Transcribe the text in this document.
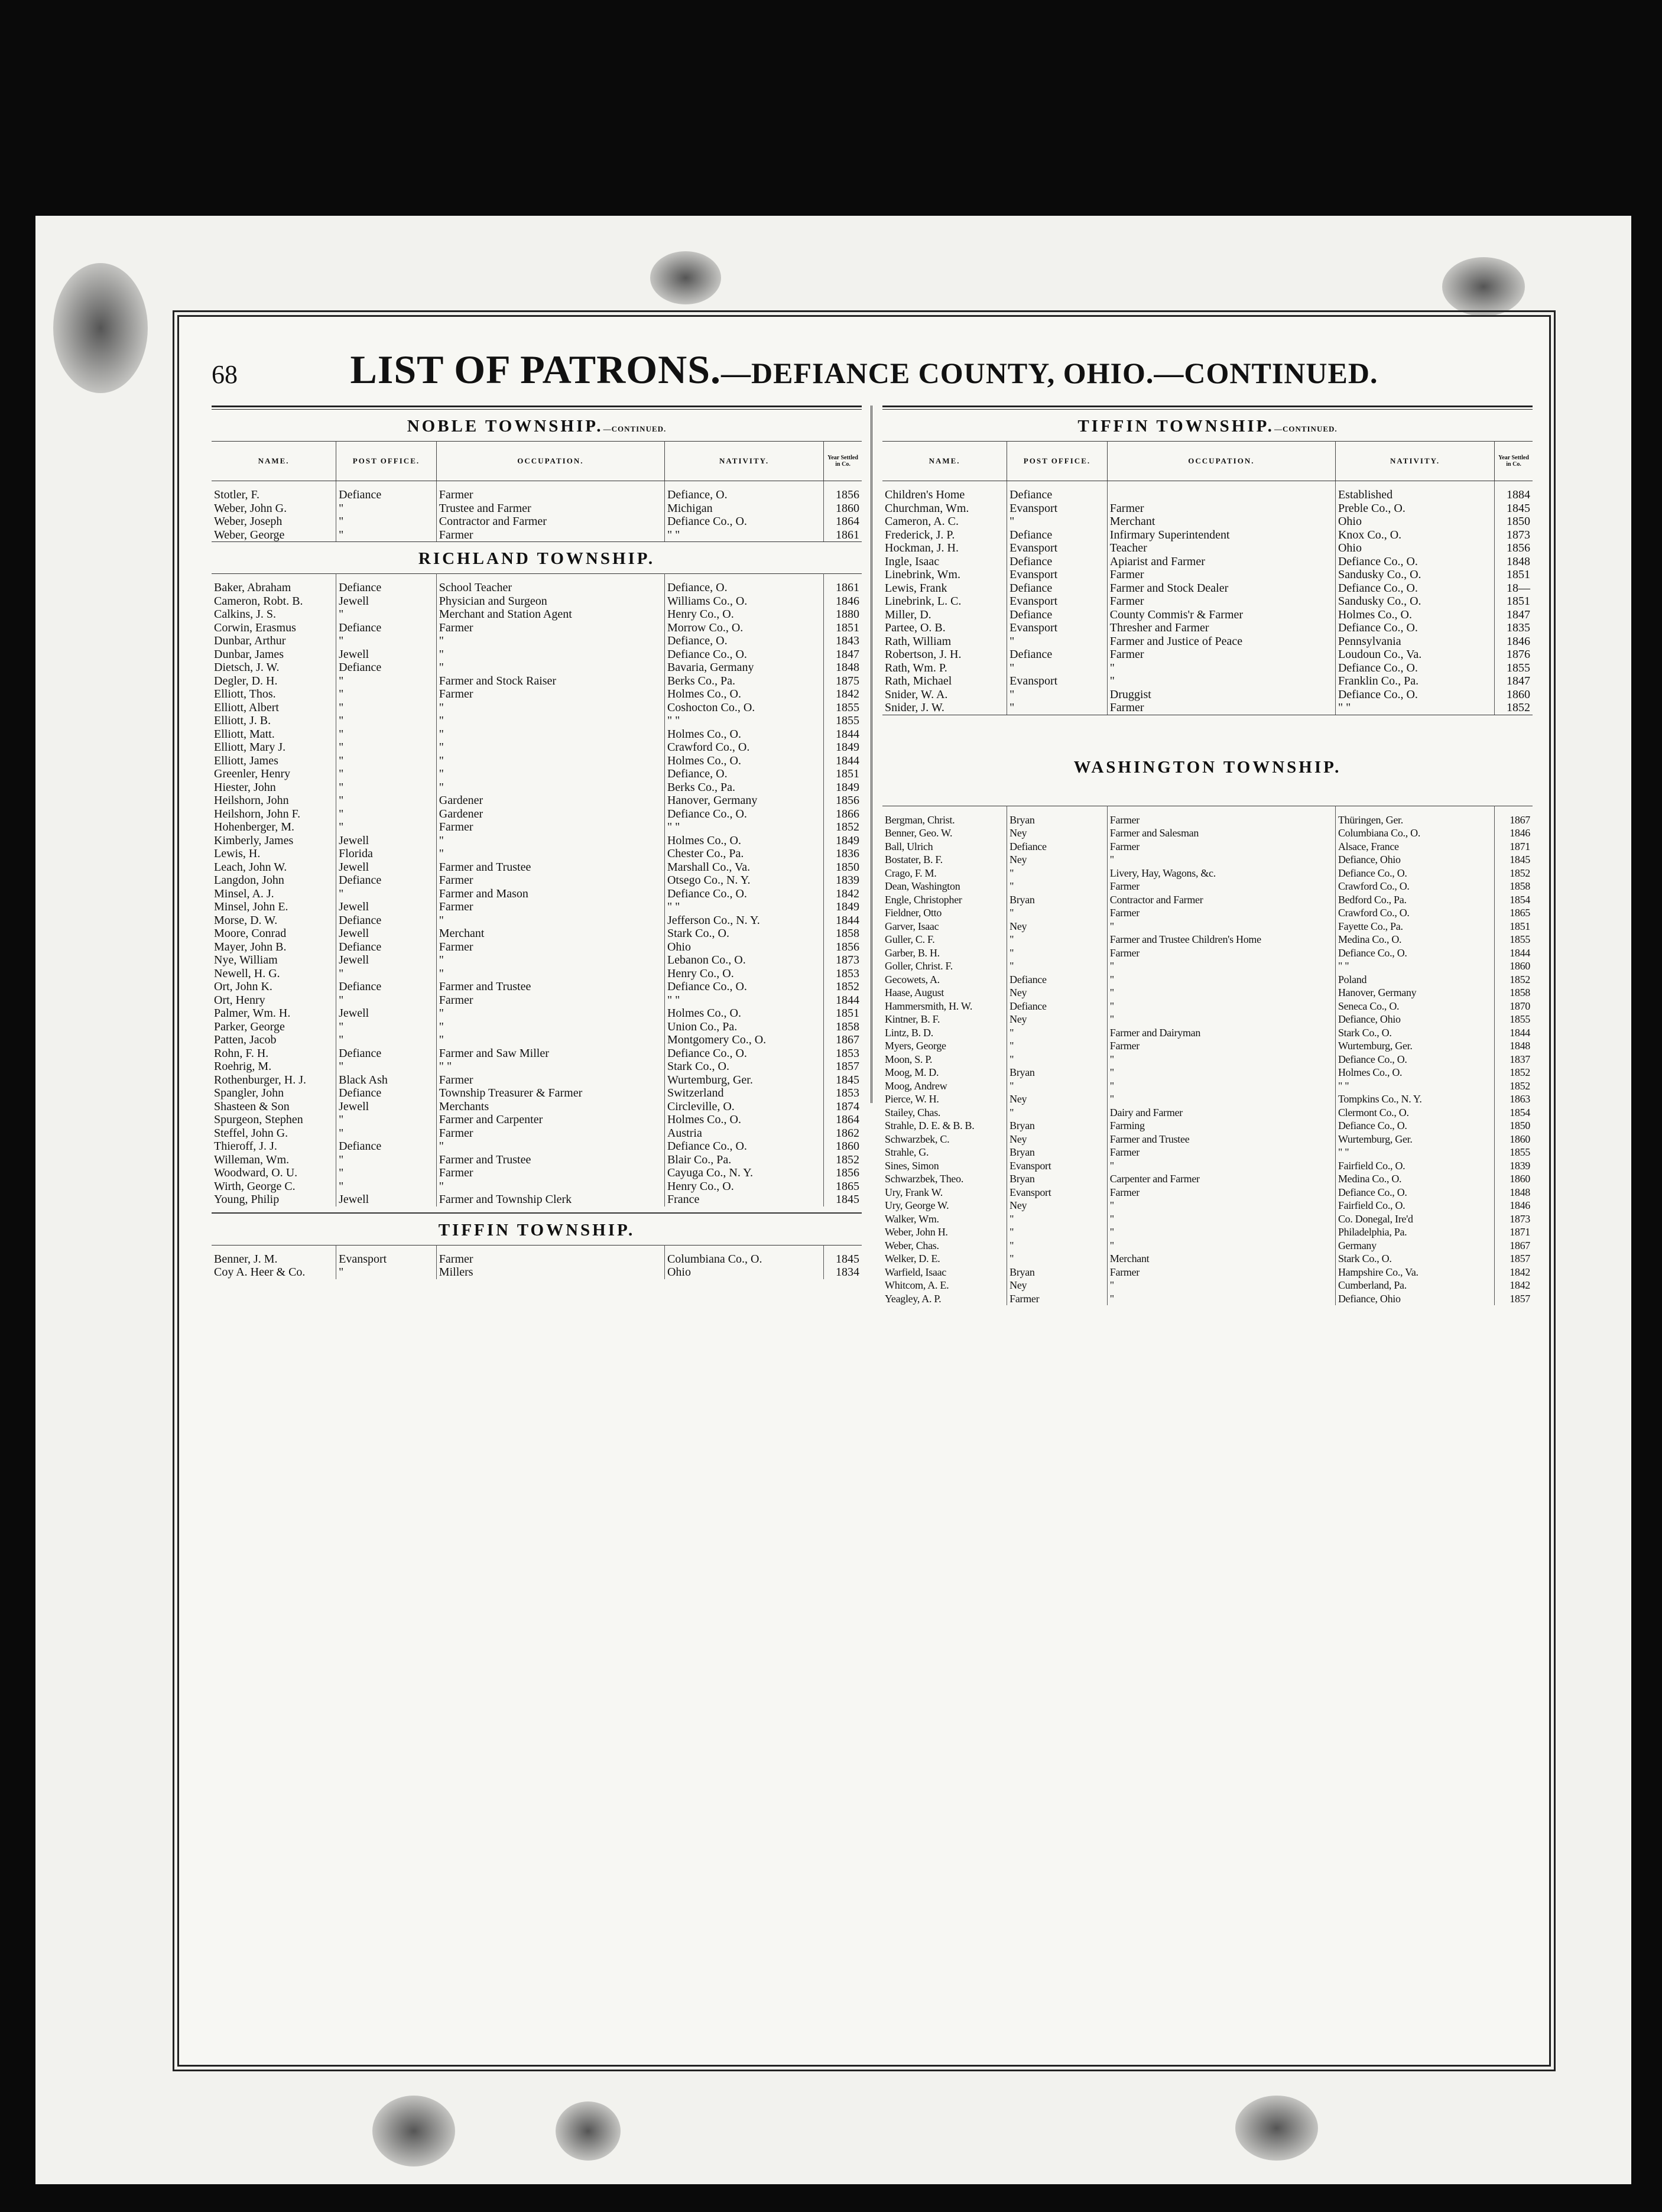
68	LIST OF PATRONS.—DEFIANCE COUNTY, OHIO.—CONTINUED.
NOBLE TOWNSHIP.—CONTINUED.
NAME.	POST OFFICE.	OCCUPATION.	NATIVITY.	Year Settled in Co.
Stotler, F.	Defiance	Farmer	Defiance, O.	1856
Weber, John G.	"	Trustee and Farmer	Michigan	1860
Weber, Joseph	"	Contractor and Farmer	Defiance Co., O.	1864
Weber, George	"	Farmer	" "	1861
RICHLAND TOWNSHIP.
Baker, Abraham	Defiance	School Teacher	Defiance, O.	1861
Cameron, Robt. B.	Jewell	Physician and Surgeon	Williams Co., O.	1846
Calkins, J. S.	"	Merchant and Station Agent	Henry Co., O.	1880
Corwin, Erasmus	Defiance	Farmer	Morrow Co., O.	1851
Dunbar, Arthur	"	"	Defiance, O.	1843
Dunbar, James	Jewell	"	Defiance Co., O.	1847
Dietsch, J. W.	Defiance	"	Bavaria, Germany	1848
Degler, D. H.	"	Farmer and Stock Raiser	Berks Co., Pa.	1875
Elliott, Thos.	"	Farmer	Holmes Co., O.	1842
Elliott, Albert	"	"	Coshocton Co., O.	1855
Elliott, J. B.	"	"	" "	1855
Elliott, Matt.	"	"	Holmes Co., O.	1844
Elliott, Mary J.	"	"	Crawford Co., O.	1849
Elliott, James	"	"	Holmes Co., O.	1844
Greenler, Henry	"	"	Defiance, O.	1851
Hiester, John	"	"	Berks Co., Pa.	1849
Heilshorn, John	"	Gardener	Hanover, Germany	1856
Heilshorn, John F.	"	Gardener	Defiance Co., O.	1866
Hohenberger, M.	"	Farmer	" "	1852
Kimberly, James	Jewell	"	Holmes Co., O.	1849
Lewis, H.	Florida	"	Chester Co., Pa.	1836
Leach, John W.	Jewell	Farmer and Trustee	Marshall Co., Va.	1850
Langdon, John	Defiance	Farmer	Otsego Co., N. Y.	1839
Minsel, A. J.	"	Farmer and Mason	Defiance Co., O.	1842
Minsel, John E.	Jewell	Farmer	" "	1849
Morse, D. W.	Defiance	"	Jefferson Co., N. Y.	1844
Moore, Conrad	Jewell	Merchant	Stark Co., O.	1858
Mayer, John B.	Defiance	Farmer	Ohio	1856
Nye, William	Jewell	"	Lebanon Co., O.	1873
Newell, H. G.	"	"	Henry Co., O.	1853
Ort, John K.	Defiance	Farmer and Trustee	Defiance Co., O.	1852
Ort, Henry	"	Farmer	" "	1844
Palmer, Wm. H.	Jewell	"	Holmes Co., O.	1851
Parker, George	"	"	Union Co., Pa.	1858
Patten, Jacob	"	"	Montgomery Co., O.	1867
Rohn, F. H.	Defiance	Farmer and Saw Miller	Defiance Co., O.	1853
Roehrig, M.	"	" "	Stark Co., O.	1857
Rothenburger, H. J.	Black Ash	Farmer	Wurtemburg, Ger.	1845
Spangler, John	Defiance	Township Treasurer & Farmer	Switzerland	1853
Shasteen & Son	Jewell	Merchants	Circleville, O.	1874
Spurgeon, Stephen	"	Farmer and Carpenter	Holmes Co., O.	1864
Steffel, John G.	"	Farmer	Austria	1862
Thieroff, J. J.	Defiance	"	Defiance Co., O.	1860
Willeman, Wm.	"	Farmer and Trustee	Blair Co., Pa.	1852
Woodward, O. U.	"	Farmer	Cayuga Co., N. Y.	1856
Wirth, George C.	"	"	Henry Co., O.	1865
Young, Philip	Jewell	Farmer and Township Clerk	France	1845
TIFFIN TOWNSHIP.
Benner, J. M.	Evansport	Farmer	Columbiana Co., O.	1845
Coy A. Heer & Co.	"	Millers	Ohio	1834
TIFFIN TOWNSHIP.—CONTINUED.
NAME.	POST OFFICE.	OCCUPATION.	NATIVITY.	Year Settled in Co.
Children's Home	Defiance		Established	1884
Churchman, Wm.	Evansport	Farmer	Preble Co., O.	1845
Cameron, A. C.	"	Merchant	Ohio	1850
Frederick, J. P.	Defiance	Infirmary Superintendent	Knox Co., O.	1873
Hockman, J. H.	Evansport	Teacher	Ohio	1856
Ingle, Isaac	Defiance	Apiarist and Farmer	Defiance Co., O.	1848
Linebrink, Wm.	Evansport	Farmer	Sandusky Co., O.	1851
Lewis, Frank	Defiance	Farmer and Stock Dealer	Defiance Co., O.	18—
Linebrink, L. C.	Evansport	Farmer	Sandusky Co., O.	1851
Miller, D.	Defiance	County Commis'r & Farmer	Holmes Co., O.	1847
Partee, O. B.	Evansport	Thresher and Farmer	Defiance Co., O.	1835
Rath, William	"	Farmer and Justice of Peace	Pennsylvania	1846
Robertson, J. H.	Defiance	Farmer	Loudoun Co., Va.	1876
Rath, Wm. P.	"	"	Defiance Co., O.	1855
Rath, Michael	Evansport	"	Franklin Co., Pa.	1847
Snider, W. A.	"	Druggist	Defiance Co., O.	1860
Snider, J. W.	"	Farmer	" "	1852
WASHINGTON TOWNSHIP.
Bergman, Christ.	Bryan	Farmer	Thüringen, Ger.	1867
Benner, Geo. W.	Ney	Farmer and Salesman	Columbiana Co., O.	1846
Ball, Ulrich	Defiance	Farmer	Alsace, France	1871
Bostater, B. F.	Ney	"	Defiance, Ohio	1845
Crago, F. M.	"	Livery, Hay, Wagons, &c.	Defiance Co., O.	1852
Dean, Washington	"	Farmer	Crawford Co., O.	1858
Engle, Christopher	Bryan	Contractor and Farmer	Bedford Co., Pa.	1854
Fieldner, Otto	"	Farmer	Crawford Co., O.	1865
Garver, Isaac	Ney	"	Fayette Co., Pa.	1851
Guller, C. F.	"	Farmer and Trustee Children's Home	Medina Co., O.	1855
Garber, B. H.	"	Farmer	Defiance Co., O.	1844
Goller, Christ. F.	"	"	" "	1860
Gecowets, A.	Defiance	"	Poland	1852
Haase, August	Ney	"	Hanover, Germany	1858
Hammersmith, H. W.	Defiance	"	Seneca Co., O.	1870
Kintner, B. F.	Ney	"	Defiance, Ohio	1855
Lintz, B. D.	"	Farmer and Dairyman	Stark Co., O.	1844
Myers, George	"	Farmer	Wurtemburg, Ger.	1848
Moon, S. P.	"	"	Defiance Co., O.	1837
Moog, M. D.	Bryan	"	Holmes Co., O.	1852
Moog, Andrew	"	"	" "	1852
Pierce, W. H.	Ney	"	Tompkins Co., N. Y.	1863
Stailey, Chas.	"	Dairy and Farmer	Clermont Co., O.	1854
Strahle, D. E. & B. B.	Bryan	Farming	Defiance Co., O.	1850
Schwarzbek, C.	Ney	Farmer and Trustee	Wurtemburg, Ger.	1860
Strahle, G.	Bryan	Farmer	" "	1855
Sines, Simon	Evansport	"	Fairfield Co., O.	1839
Schwarzbek, Theo.	Bryan	Carpenter and Farmer	Medina Co., O.	1860
Ury, Frank W.	Evansport	Farmer	Defiance Co., O.	1848
Ury, George W.	Ney	"	Fairfield Co., O.	1846
Walker, Wm.	"	"	Co. Donegal, Ire'd	1873
Weber, John H.	"	"	Philadelphia, Pa.	1871
Weber, Chas.	"	"	Germany	1867
Welker, D. E.	"	Merchant	Stark Co., O.	1857
Warfield, Isaac	Bryan	Farmer	Hampshire Co., Va.	1842
Whitcom, A. E.	Ney	"	Cumberland, Pa.	1842
Yeagley, A. P.	Farmer	"	Defiance, Ohio	1857
